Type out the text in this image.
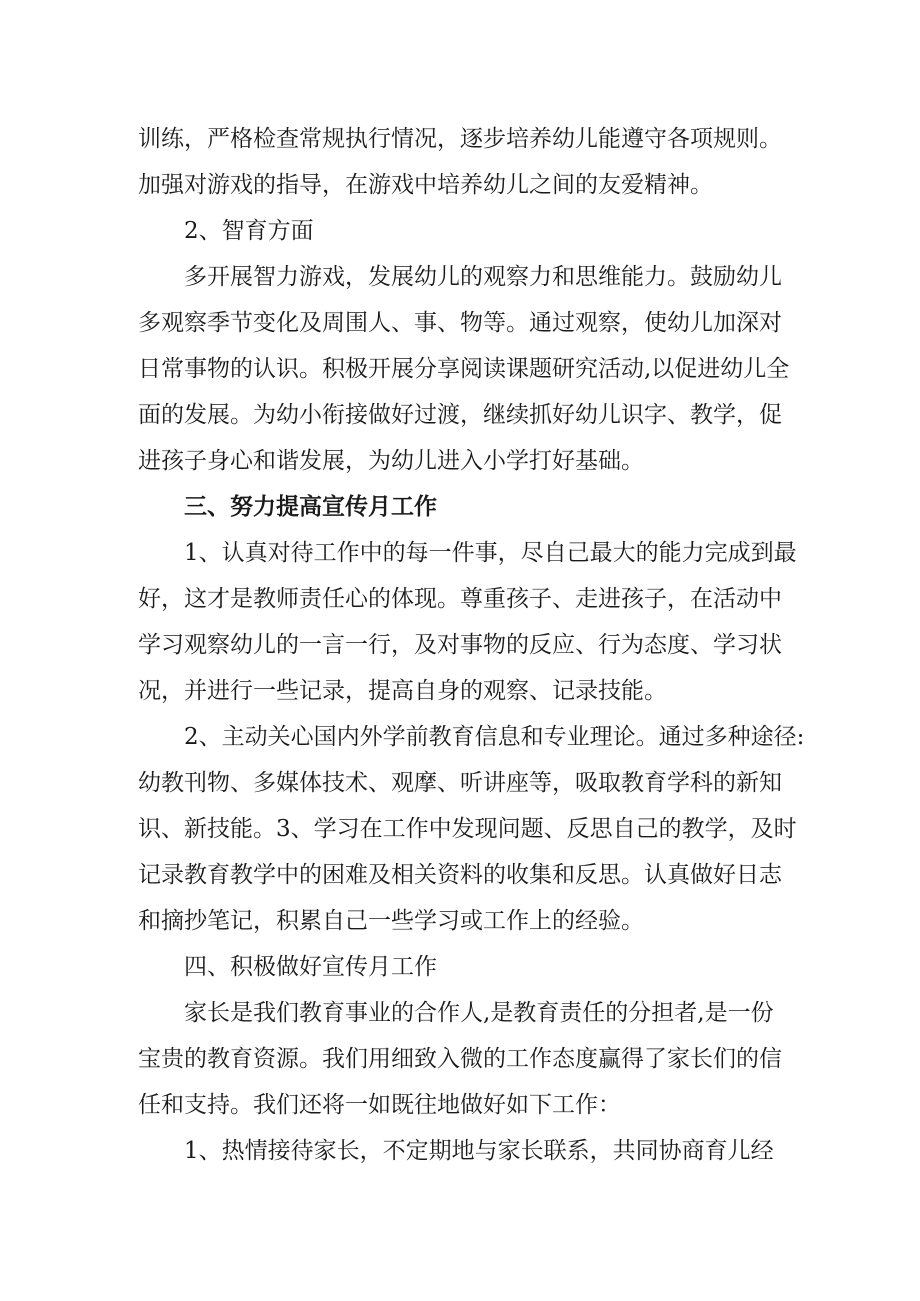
训练，严格检查常规执行情况，逐步培养幼儿能遵守各项规则。
加强对游戏的指导，在游戏中培养幼儿之间的友爱精神。
2、智育方面
多开展智力游戏，发展幼儿的观察力和思维能力。鼓励幼儿
多观察季节变化及周围人、事、物等。通过观察，使幼儿加深对
日常事物的认识。积极开展分享阅读课题研究活动,以促进幼儿全
面的发展。为幼小衔接做好过渡，继续抓好幼儿识字、教学，促
进孩子身心和谐发展，为幼儿进入小学打好基础。
三、努力提高宣传月工作
1、认真对待工作中的每一件事，尽自己最大的能力完成到最
好，这才是教师责任心的体现。尊重孩子、走进孩子，在活动中
学习观察幼儿的一言一行，及对事物的反应、行为态度、学习状
况，并进行一些记录，提高自身的观察、记录技能。
2、主动关心国内外学前教育信息和专业理论。通过多种途径:
幼教刊物、多媒体技术、观摩、听讲座等，吸取教育学科的新知
识、新技能。3、学习在工作中发现问题、反思自己的教学，及时
记录教育教学中的困难及相关资料的收集和反思。认真做好日志
和摘抄笔记，积累自己一些学习或工作上的经验。
四、积极做好宣传月工作
家长是我们教育事业的合作人,是教育责任的分担者,是一份
宝贵的教育资源。我们用细致入微的工作态度赢得了家长们的信
任和支持。我们还将一如既往地做好如下工作：
1、热情接待家长，不定期地与家长联系，共同协商育儿经
